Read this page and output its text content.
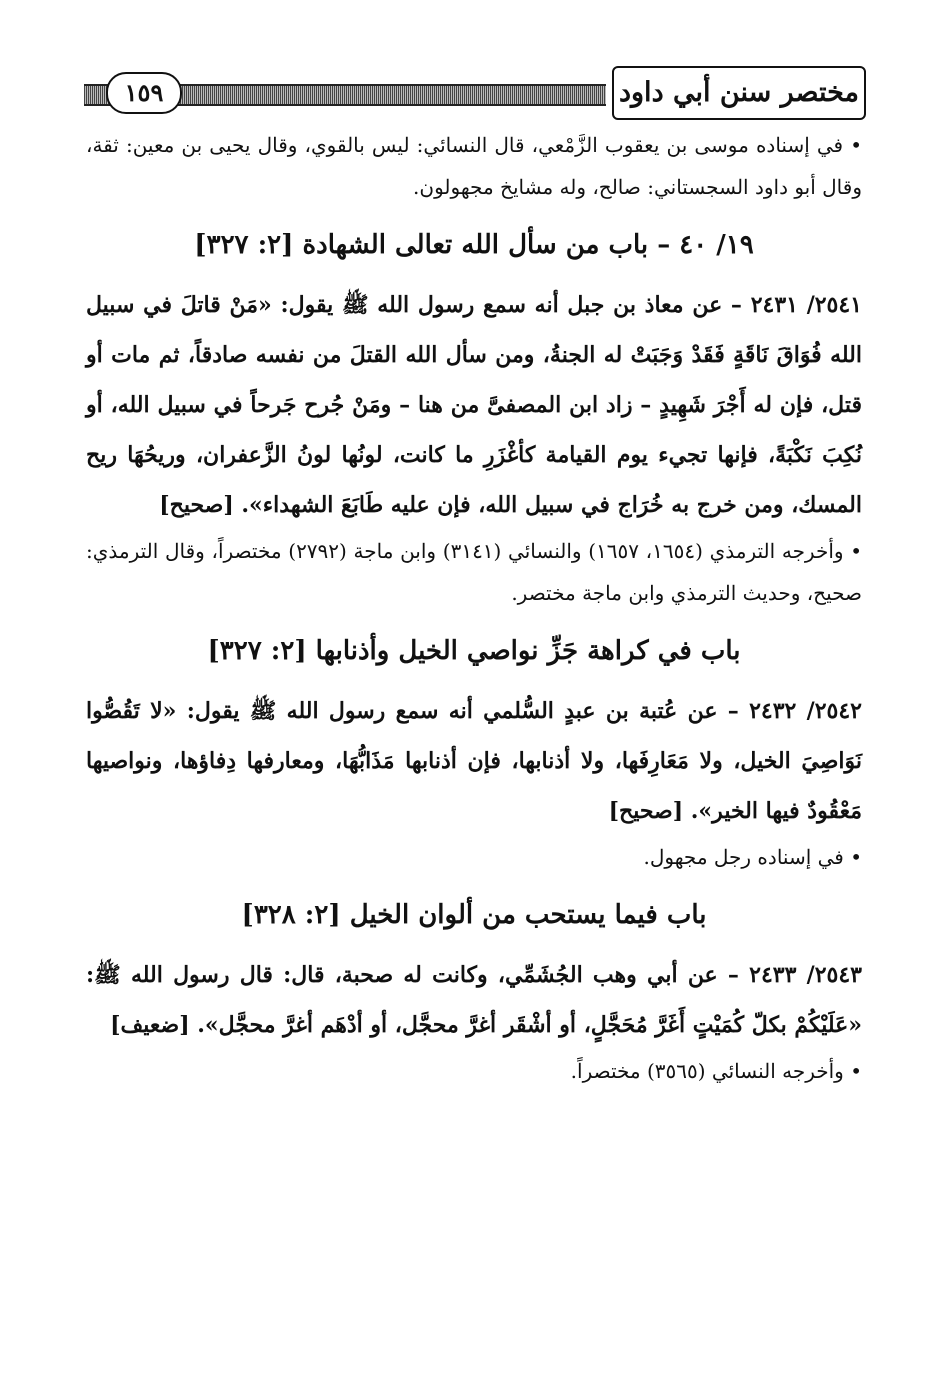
١٥٩	مختصر سنن أبي داود

• في إسناده موسى بن يعقوب الزَّمْعي، قال النسائي: ليس بالقوي، وقال يحيى بن معين: ثقة، وقال أبو داود السجستاني: صالح، وله مشايخ مجهولون.

١٩/ ٤٠ – باب من سأل الله تعالى الشهادة [٢: ٣٢٧]

٢٥٤١/ ٢٤٣١ – عن معاذ بن جبل أنه سمع رسول الله ﷺ يقول: «مَنْ قاتلَ في سبيل الله فُوَاقَ نَاقَةٍ فَقَدْ وَجَبَتْ له الجنةُ، ومن سأل الله القتلَ من نفسه صادقاً، ثم مات أو قتل، فإن له أَجْرَ شَهِيدٍ – زاد ابن المصفىَّ من هنا – ومَنْ جُرح جَرحاً في سبيل الله، أو نُكِبَ نَكْبَةً، فإنها تجيء يوم القيامة كأغْزَرِ ما كانت، لونُها لونُ الزَّعفران، وريحُهَا ريح المسك، ومن خرج به خُرَاج في سبيل الله، فإن عليه طَابَعَ الشهداء». [صحيح]

• وأخرجه الترمذي (١٦٥٤، ١٦٥٧) والنسائي (٣١٤١) وابن ماجة (٢٧٩٢) مختصراً، وقال الترمذي: صحيح، وحديث الترمذي وابن ماجة مختصر.

باب في كراهة جَزِّ نواصي الخيل وأذنابها [٢: ٣٢٧]

٢٥٤٢/ ٢٤٣٢ – عن عُتبة بن عبدٍ السُّلمي أنه سمع رسول الله ﷺ يقول: «لا تَقُصُّوا نَوَاصِيَ الخيل، ولا مَعَارِفَها، ولا أذنابها، فإن أذنابها مَذَابُّهَا، ومعارفها دِفاؤها، ونواصيها مَعْقُودٌ فيها الخير». [صحيح]

• في إسناده رجل مجهول.

باب فيما يستحب من ألوان الخيل [٢: ٣٢٨]

٢٥٤٣/ ٢٤٣٣ – عن أبي وهب الجُشَمِّي، وكانت له صحبة، قال: قال رسول الله ﷺ: «عَلَيْكُمْ بكلّ كُمَيْتٍ أَغَرَّ مُحَجَّلٍ، أو أشْقَر أغرَّ محجَّل، أو أدْهَم أغرَّ محجَّل». [ضعيف]

• وأخرجه النسائي (٣٥٦٥) مختصراً.
